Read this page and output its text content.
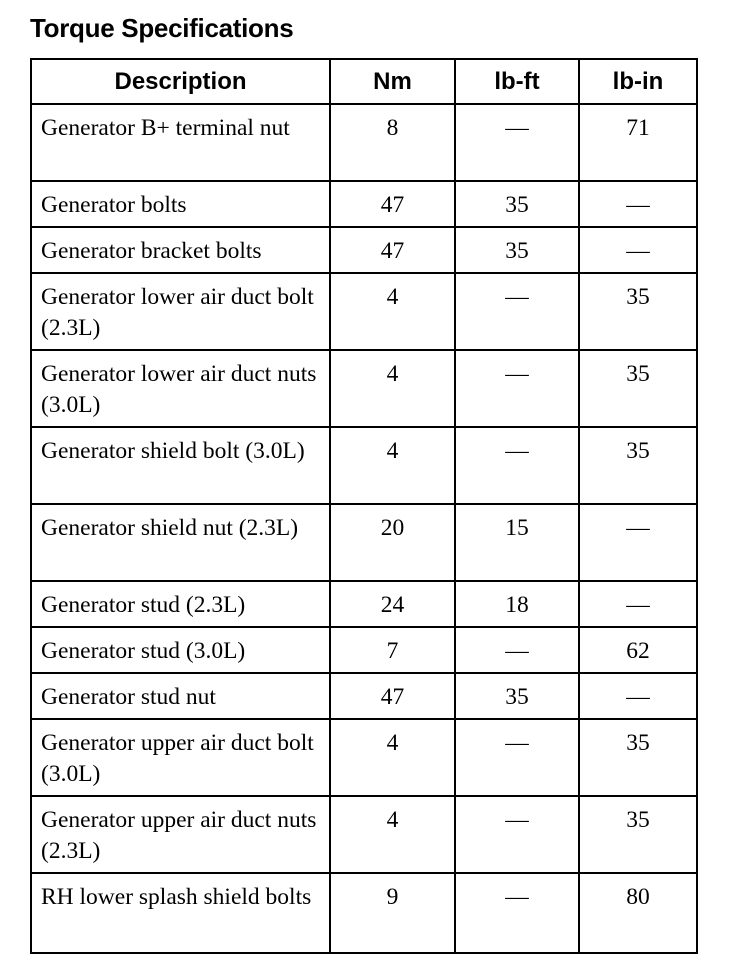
Torque Specifications
Description	Nm	lb-ft	lb-in
Generator B+ terminal nut	8	—	71
Generator bolts	47	35	—
Generator bracket bolts	47	35	—
Generator lower air duct bolt (2.3L)	4	—	35
Generator lower air duct nuts (3.0L)	4	—	35
Generator shield bolt (3.0L)	4	—	35
Generator shield nut (2.3L)	20	15	—
Generator stud (2.3L)	24	18	—
Generator stud (3.0L)	7	—	62
Generator stud nut	47	35	—
Generator upper air duct bolt (3.0L)	4	—	35
Generator upper air duct nuts (2.3L)	4	—	35
RH lower splash shield bolts	9	—	80
